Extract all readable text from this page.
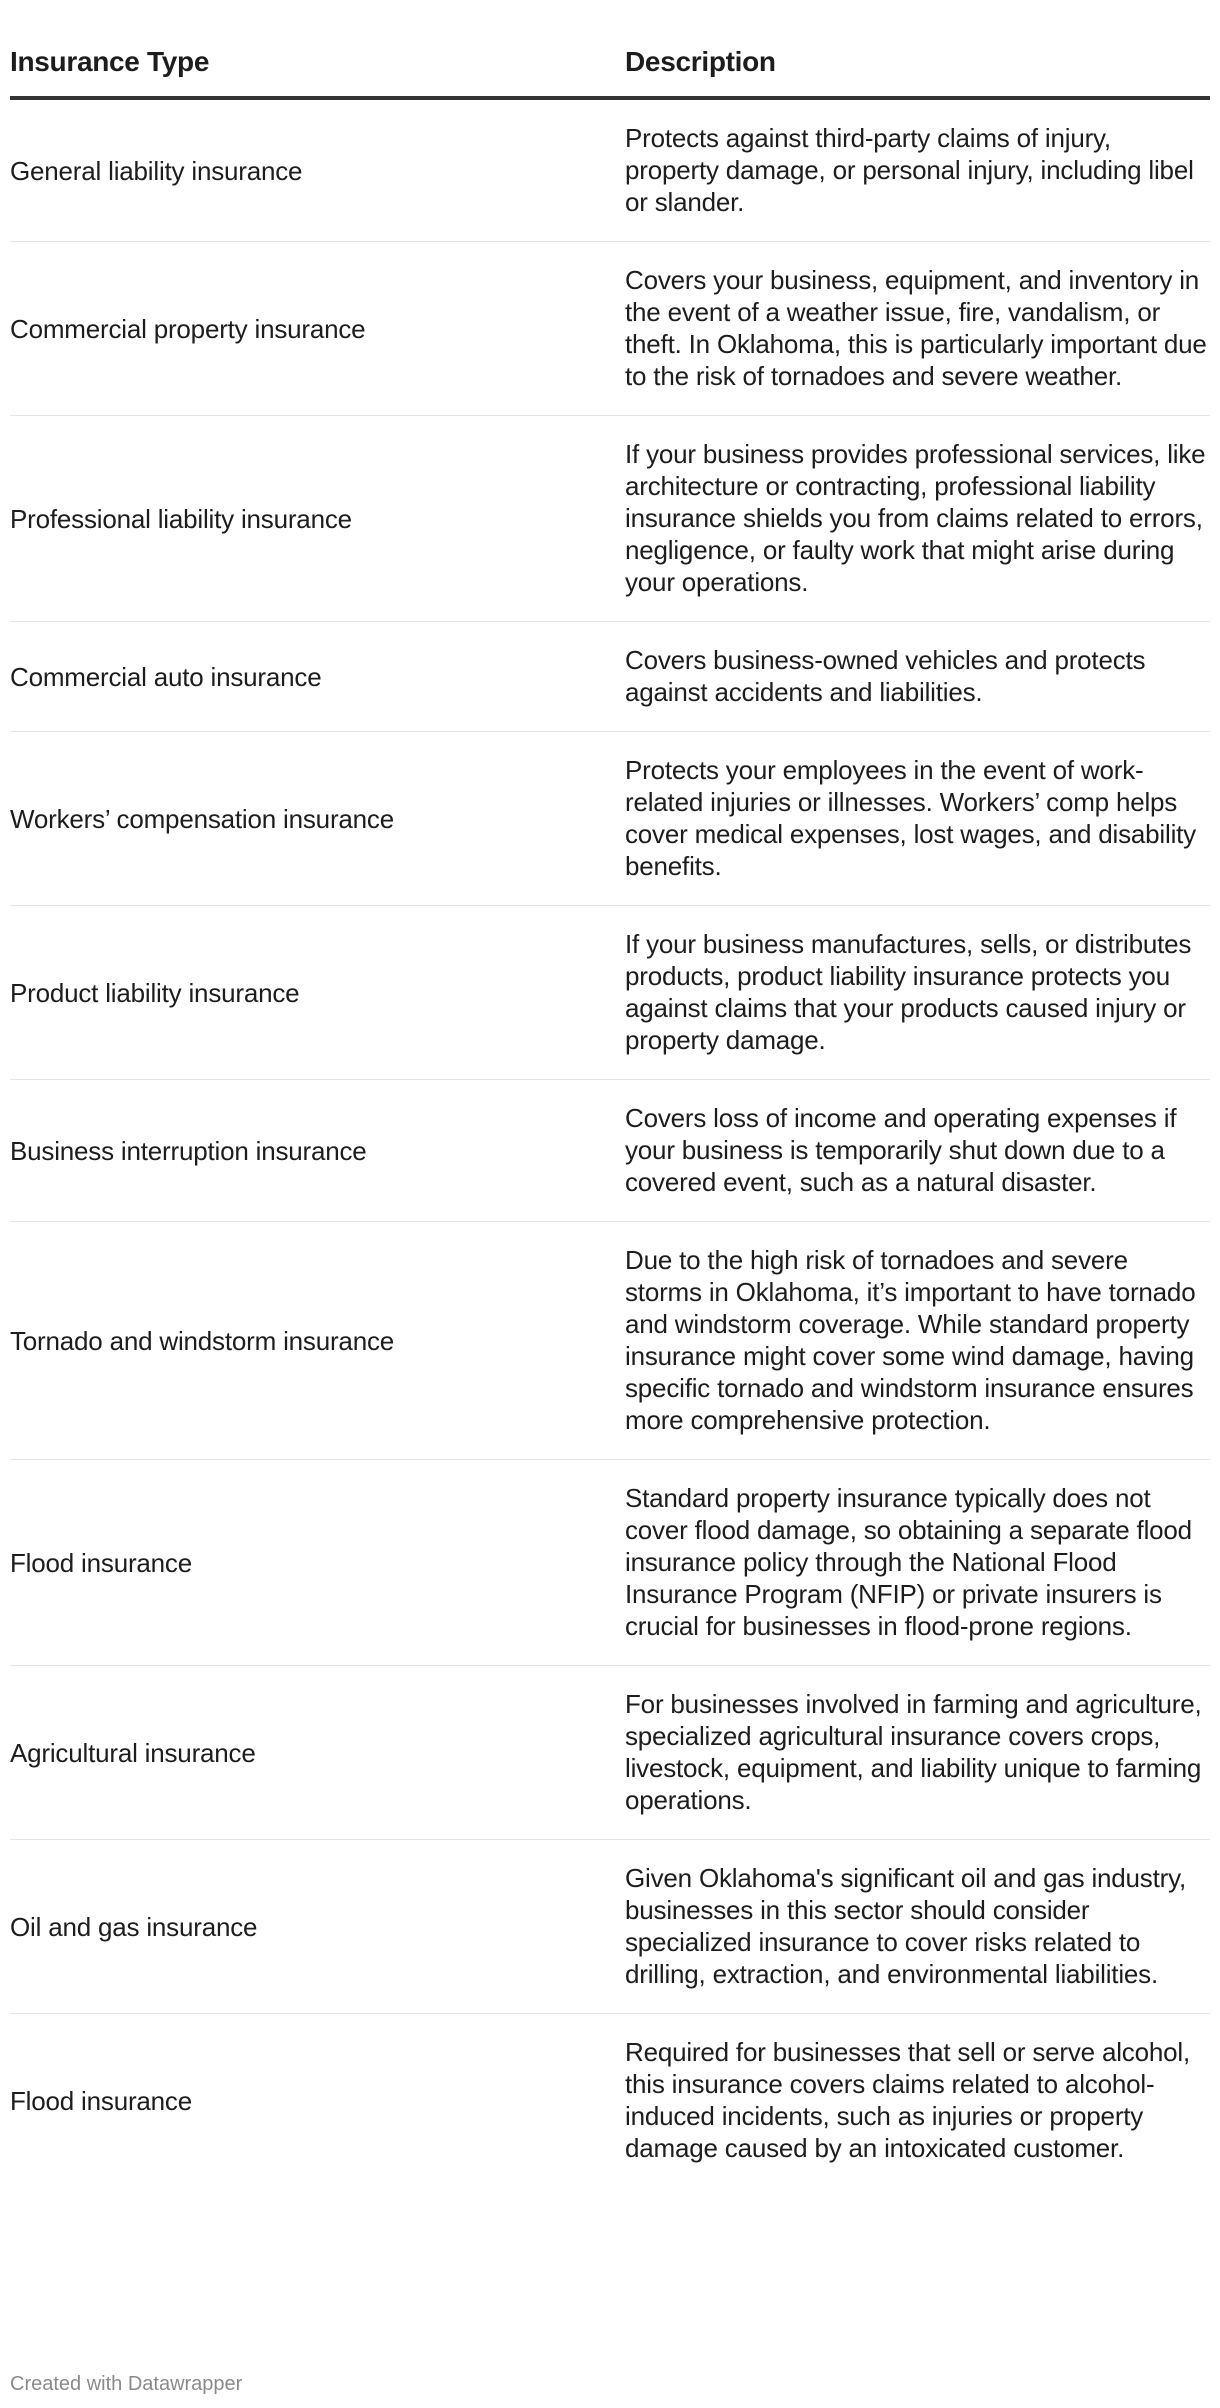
Insurance Type	Description
General liability insurance	Protects against third-party claims of injury, property damage, or personal injury, including libel or slander.
Commercial property insurance	Covers your business, equipment, and inventory in the event of a weather issue, fire, vandalism, or theft. In Oklahoma, this is particularly important due to the risk of tornadoes and severe weather.
Professional liability insurance	If your business provides professional services, like architecture or contracting, professional liability insurance shields you from claims related to errors, negligence, or faulty work that might arise during your operations.
Commercial auto insurance	Covers business-owned vehicles and protects against accidents and liabilities.
Workers’ compensation insurance	Protects your employees in the event of work-related injuries or illnesses. Workers’ comp helps cover medical expenses, lost wages, and disability benefits.
Product liability insurance	If your business manufactures, sells, or distributes products, product liability insurance protects you against claims that your products caused injury or property damage.
Business interruption insurance	Covers loss of income and operating expenses if your business is temporarily shut down due to a covered event, such as a natural disaster.
Tornado and windstorm insurance	Due to the high risk of tornadoes and severe storms in Oklahoma, it’s important to have tornado and windstorm coverage. While standard property insurance might cover some wind damage, having specific tornado and windstorm insurance ensures more comprehensive protection.
Flood insurance	Standard property insurance typically does not cover flood damage, so obtaining a separate flood insurance policy through the National Flood Insurance Program (NFIP) or private insurers is crucial for businesses in flood-prone regions.
Agricultural insurance	For businesses involved in farming and agriculture, specialized agricultural insurance covers crops, livestock, equipment, and liability unique to farming operations.
Oil and gas insurance	Given Oklahoma's significant oil and gas industry, businesses in this sector should consider specialized insurance to cover risks related to drilling, extraction, and environmental liabilities.
Flood insurance	Required for businesses that sell or serve alcohol, this insurance covers claims related to alcohol-induced incidents, such as injuries or property damage caused by an intoxicated customer.
Created with Datawrapper
